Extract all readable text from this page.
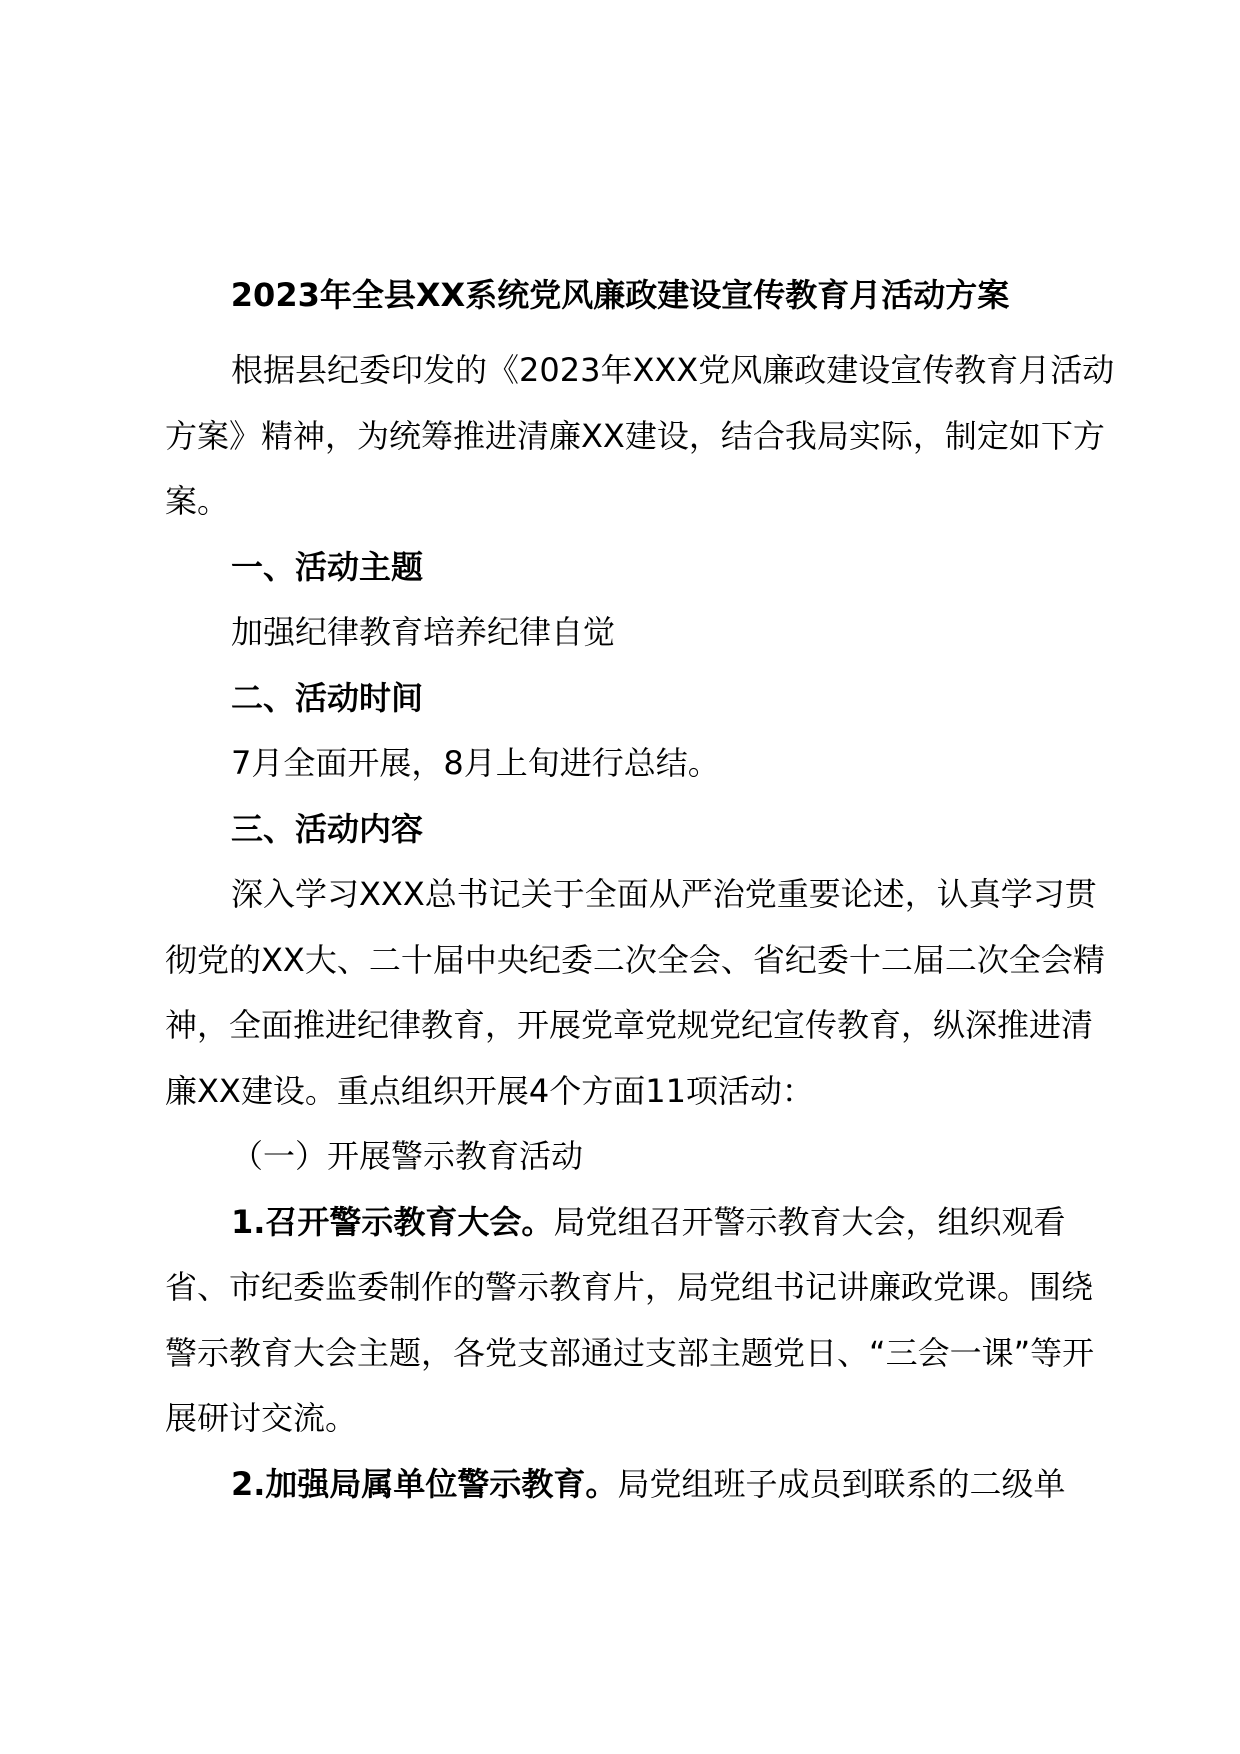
2023年全县XX系统党风廉政建设宣传教育月活动方案

根据县纪委印发的《2023年XXX党风廉政建设宣传教育月活动方案》精神，为统筹推进清廉XX建设，结合我局实际，制定如下方案。

一、活动主题

加强纪律教育培养纪律自觉

二、活动时间

7月全面开展，8月上旬进行总结。

三、活动内容

深入学习XXX总书记关于全面从严治党重要论述，认真学习贯彻党的XX大、二十届中央纪委二次全会、省纪委十二届二次全会精神，全面推进纪律教育，开展党章党规党纪宣传教育，纵深推进清廉XX建设。重点组织开展4个方面11项活动：

（一）开展警示教育活动

1.召开警示教育大会。局党组召开警示教育大会，组织观看省、市纪委监委制作的警示教育片，局党组书记讲廉政党课。围绕警示教育大会主题，各党支部通过支部主题党日、“三会一课”等开展研讨交流。

2.加强局属单位警示教育。局党组班子成员到联系的二级单
